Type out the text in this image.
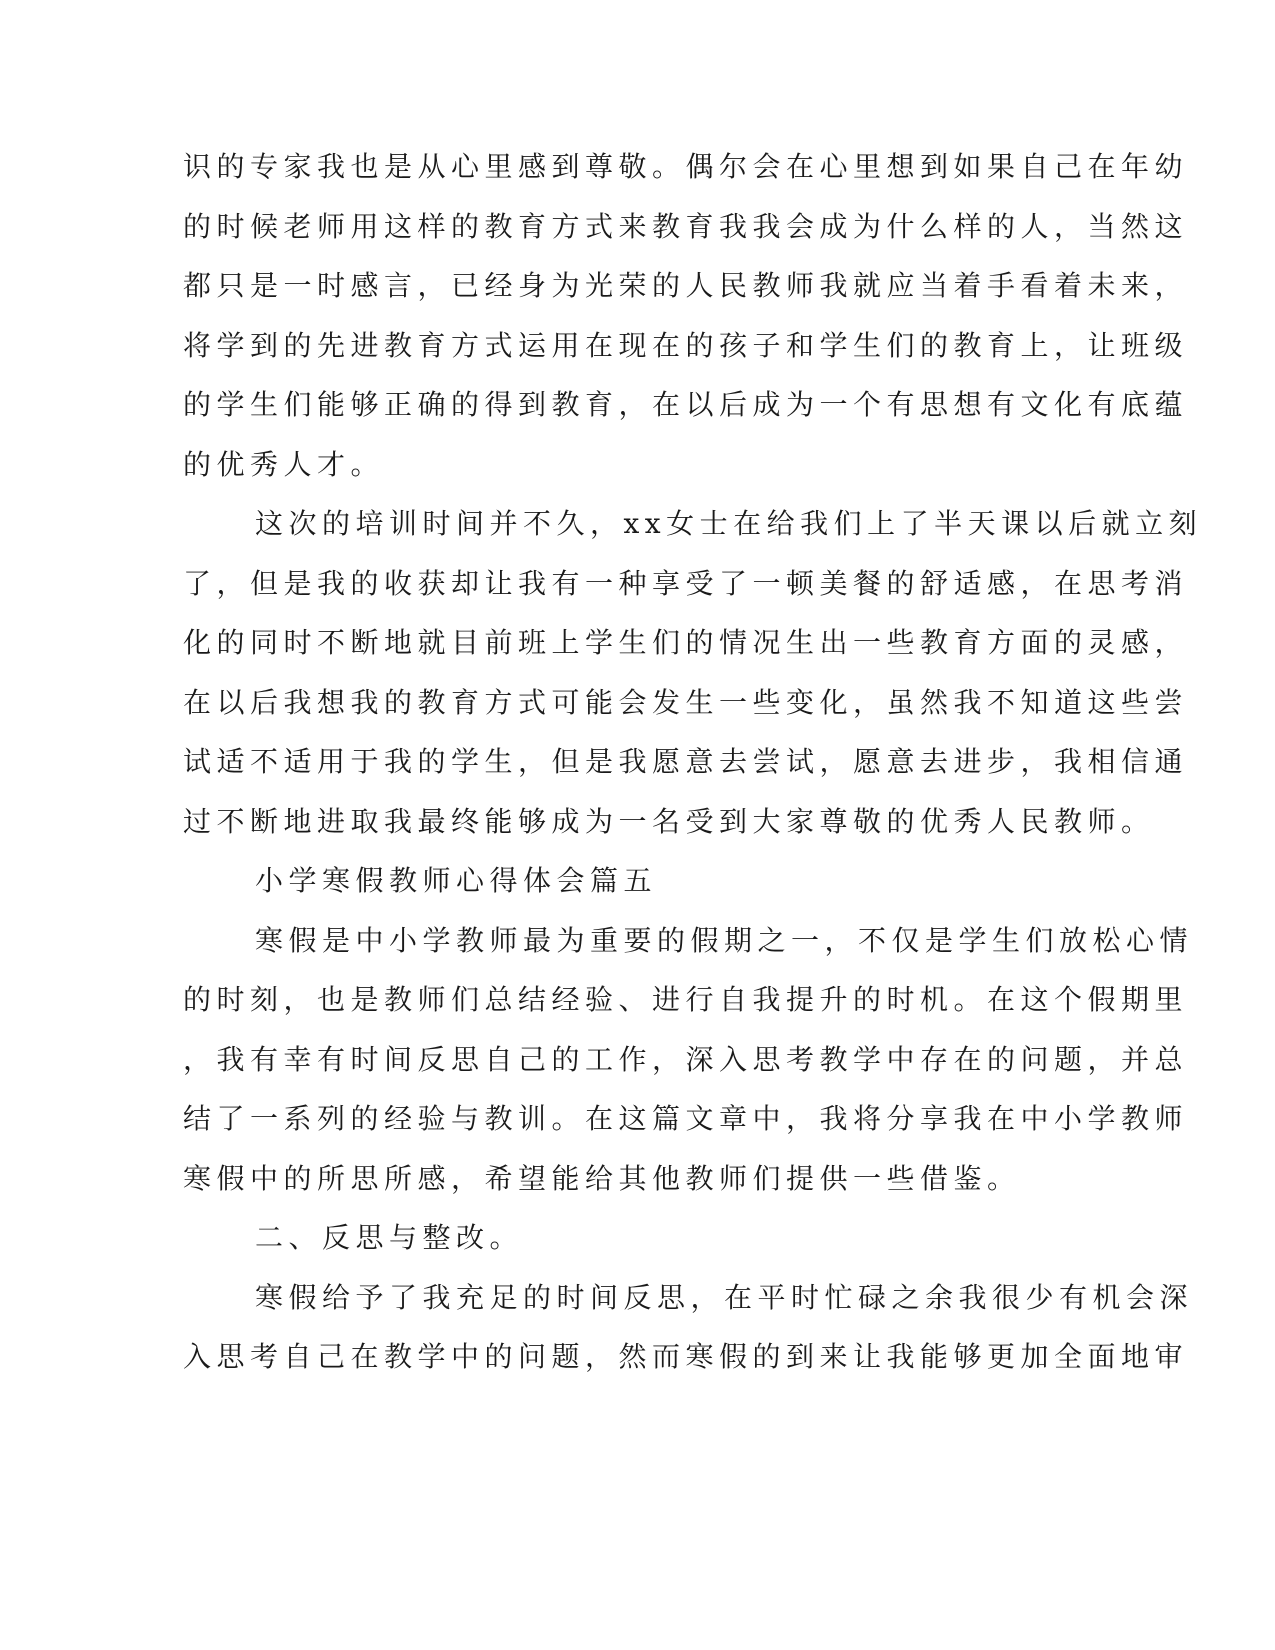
识的专家我也是从心里感到尊敬。偶尔会在心里想到如果自己在年幼
的时候老师用这样的教育方式来教育我我会成为什么样的人，当然这
都只是一时感言，已经身为光荣的人民教师我就应当着手看着未来，
将学到的先进教育方式运用在现在的孩子和学生们的教育上，让班级
的学生们能够正确的得到教育，在以后成为一个有思想有文化有底蕴
的优秀人才。
这次的培训时间并不久，xx女士在给我们上了半天课以后就立刻
了，但是我的收获却让我有一种享受了一顿美餐的舒适感，在思考消
化的同时不断地就目前班上学生们的情况生出一些教育方面的灵感，
在以后我想我的教育方式可能会发生一些变化，虽然我不知道这些尝
试适不适用于我的学生，但是我愿意去尝试，愿意去进步，我相信通
过不断地进取我最终能够成为一名受到大家尊敬的优秀人民教师。
小学寒假教师心得体会篇五
寒假是中小学教师最为重要的假期之一，不仅是学生们放松心情
的时刻，也是教师们总结经验、进行自我提升的时机。在这个假期里
，我有幸有时间反思自己的工作，深入思考教学中存在的问题，并总
结了一系列的经验与教训。在这篇文章中，我将分享我在中小学教师
寒假中的所思所感，希望能给其他教师们提供一些借鉴。
二、反思与整改。
寒假给予了我充足的时间反思，在平时忙碌之余我很少有机会深
入思考自己在教学中的问题，然而寒假的到来让我能够更加全面地审
